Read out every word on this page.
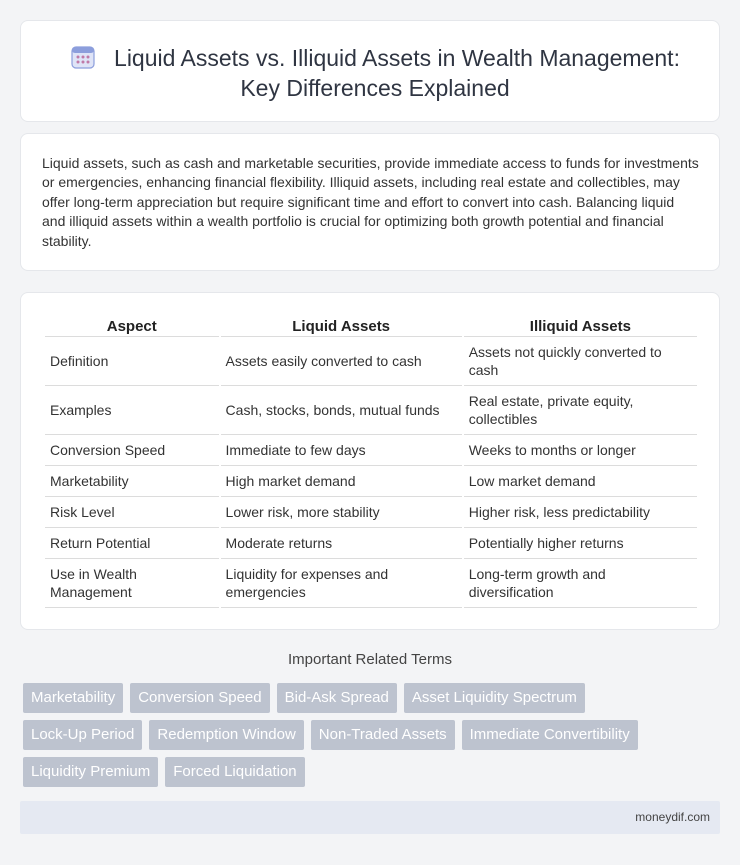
Liquid Assets vs. Illiquid Assets in Wealth Management: Key Differences Explained

Liquid assets, such as cash and marketable securities, provide immediate access to funds for investments or emergencies, enhancing financial flexibility. Illiquid assets, including real estate and collectibles, may offer long-term appreciation but require significant time and effort to convert into cash. Balancing liquid and illiquid assets within a wealth portfolio is crucial for optimizing both growth potential and financial stability.

Aspect	Liquid Assets	Illiquid Assets
Definition	Assets easily converted to cash	Assets not quickly converted to cash
Examples	Cash, stocks, bonds, mutual funds	Real estate, private equity, collectibles
Conversion Speed	Immediate to few days	Weeks to months or longer
Marketability	High market demand	Low market demand
Risk Level	Lower risk, more stability	Higher risk, less predictability
Return Potential	Moderate returns	Potentially higher returns
Use in Wealth Management	Liquidity for expenses and emergencies	Long-term growth and diversification
Important Related Terms
Marketability	Conversion Speed	Bid-Ask Spread	Asset Liquidity Spectrum
Lock-Up Period	Redemption Window	Non-Traded Assets	Immediate Convertibility
Liquidity Premium	Forced Liquidation
moneydif.com
